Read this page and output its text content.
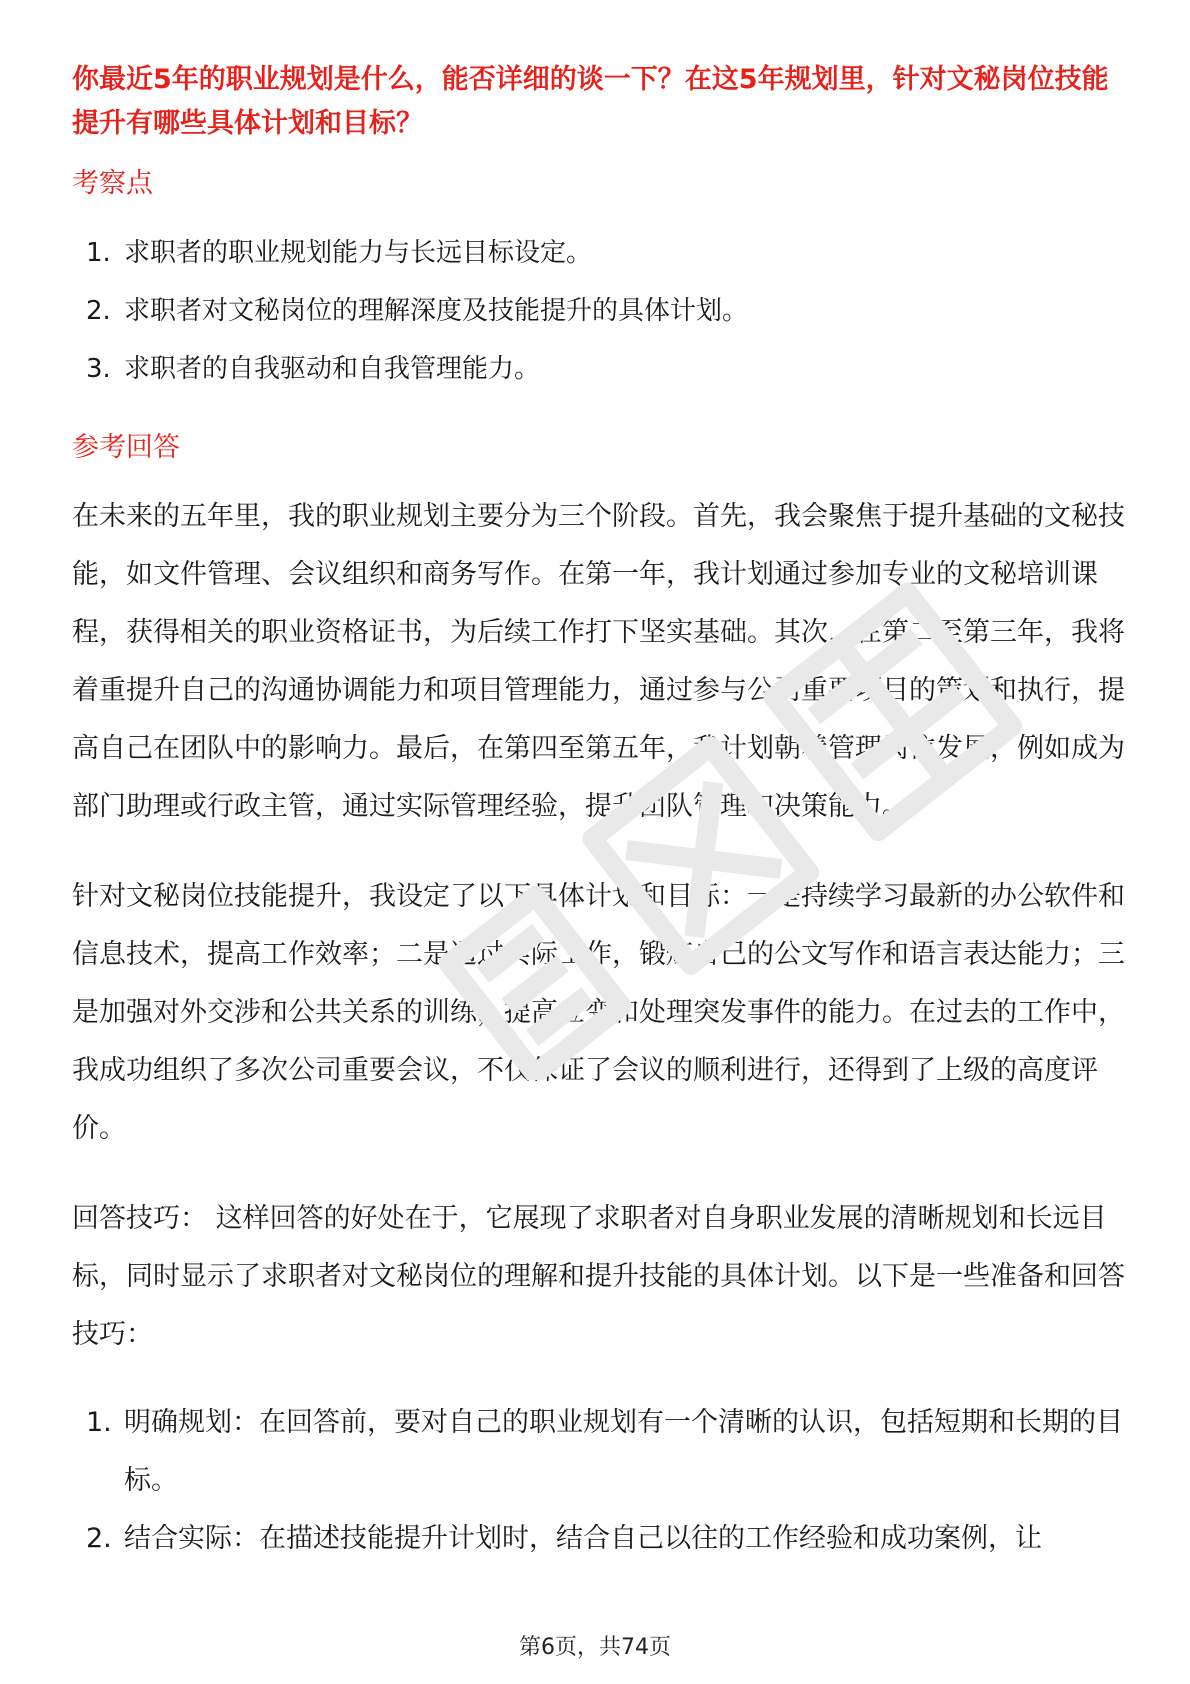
你最近5年的职业规划是什么，能否详细的谈一下？在这5年规划里，针对文秘岗位技能提升有哪些具体计划和目标？

考察点
1. 求职者的职业规划能力与长远目标设定。
2. 求职者对文秘岗位的理解深度及技能提升的具体计划。
3. 求职者的自我驱动和自我管理能力。
参考回答

在未来的五年里，我的职业规划主要分为三个阶段。首先，我会聚焦于提升基础的文秘技能，如文件管理、会议组织和商务写作。在第一年，我计划通过参加专业的文秘培训课程，获得相关的职业资格证书，为后续工作打下坚实基础。其次，在第二至第三年，我将着重提升自己的沟通协调能力和项目管理能力，通过参与公司重要项目的策划和执行，提高自己在团队中的影响力。最后，在第四至第五年，我计划朝着管理岗位发展，例如成为部门助理或行政主管，通过实际管理经验，提升团队管理和决策能力。

针对文秘岗位技能提升，我设定了以下具体计划和目标：一是持续学习最新的办公软件和信息技术，提高工作效率；二是通过实际工作，锻炼自己的公文写作和语言表达能力；三是加强对外交涉和公共关系的训练，提高应变和处理突发事件的能力。在过去的工作中，我成功组织了多次公司重要会议，不仅保证了会议的顺利进行，还得到了上级的高度评价。

回答技巧： 这样回答的好处在于，它展现了求职者对自身职业发展的清晰规划和长远目标，同时显示了求职者对文秘岗位的理解和提升技能的具体计划。以下是一些准备和回答技巧：

1. 明确规划：在回答前，要对自己的职业规划有一个清晰的认识，包括短期和长期的目标。
2. 结合实际：在描述技能提升计划时，结合自己以往的工作经验和成功案例，让
第6页，共74页
